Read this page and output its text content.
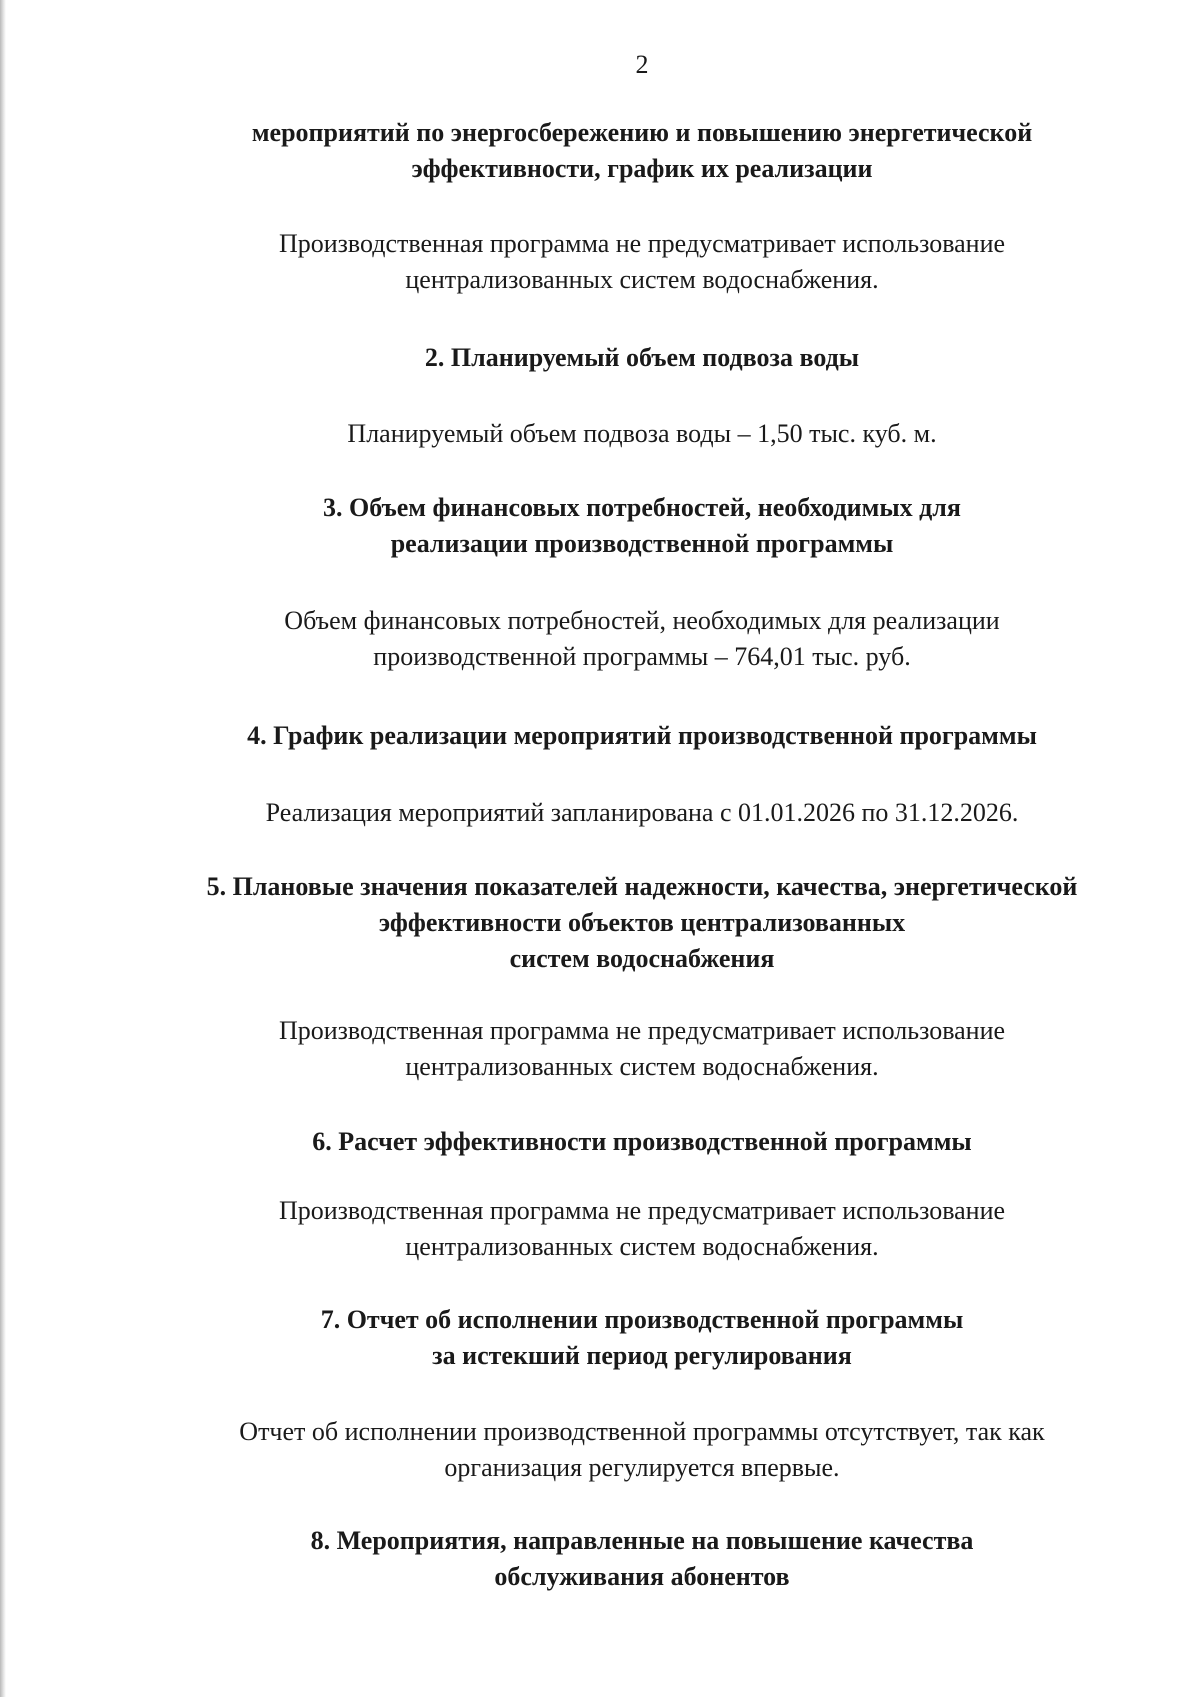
2
мероприятий по энергосбережению и повышению энергетической
эффективности, график их реализации
Производственная программа не предусматривает использование
централизованных систем водоснабжения.
2. Планируемый объем подвоза воды
Планируемый объем подвоза воды – 1,50 тыс. куб. м.
3. Объем финансовых потребностей, необходимых для
реализации производственной программы
Объем финансовых потребностей, необходимых для реализации
производственной программы – 764,01 тыс. руб.
4. График реализации мероприятий производственной программы
Реализация мероприятий запланирована с 01.01.2026 по 31.12.2026.
5. Плановые значения показателей надежности, качества, энергетической
эффективности объектов централизованных
систем водоснабжения
Производственная программа не предусматривает использование
централизованных систем водоснабжения.
6. Расчет эффективности производственной программы
Производственная программа не предусматривает использование
централизованных систем водоснабжения.
7. Отчет об исполнении производственной программы
за истекший период регулирования
Отчет об исполнении производственной программы отсутствует, так как
организация регулируется впервые.
8. Мероприятия, направленные на повышение качества
обслуживания абонентов
